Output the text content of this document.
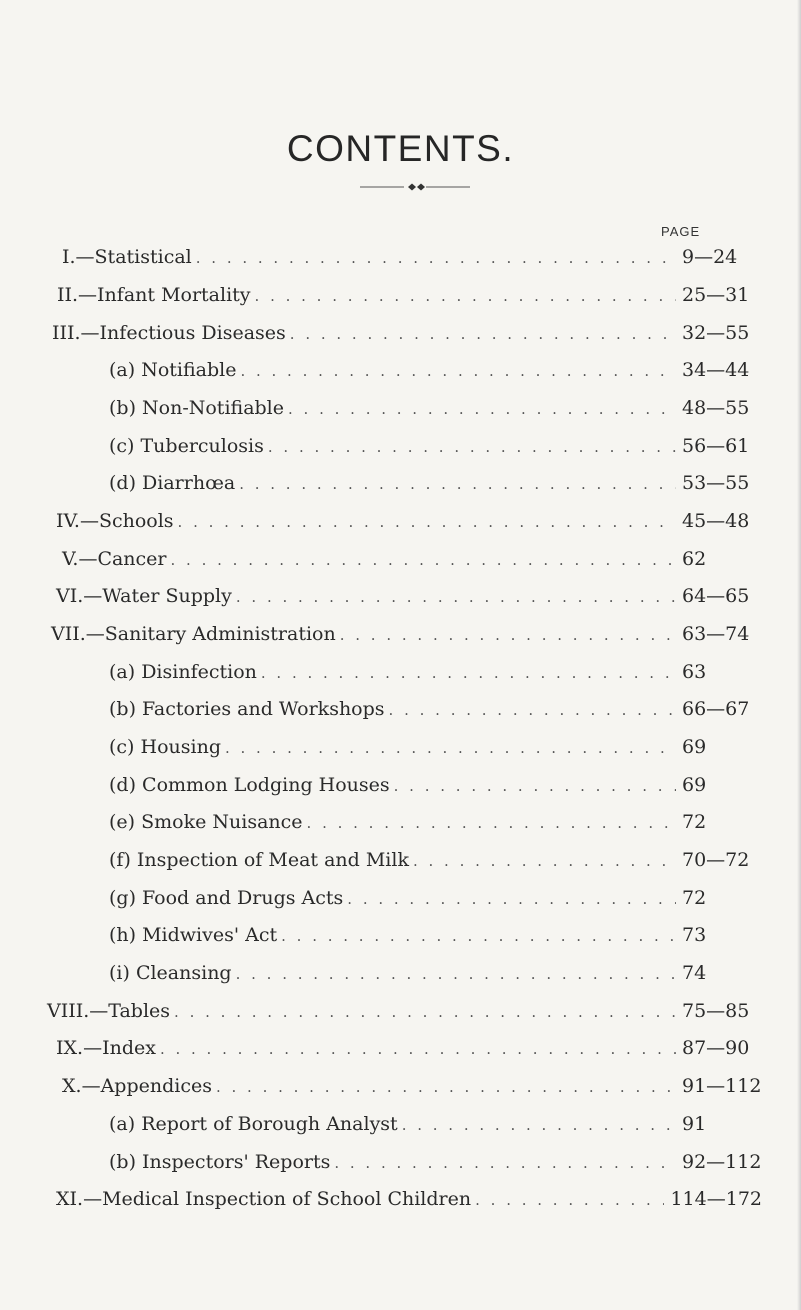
CONTENTS.
PAGE
I.—Statistical . . .	9—24
II.—Infant Mortality . . .	25—31
III.—Infectious Diseases . . .	32—55
(a) Notifiable . . .	34—44
(b) Non-Notifiable . . .	48—55
(c) Tuberculosis . . .	56—61
(d) Diarrhœa . . .	53—55
IV.—Schools . . .	45—48
V.—Cancer . . .	62
VI.—Water Supply . . .	64—65
VII.—Sanitary Administration . . .	63—74
(a) Disinfection . . .	63
(b) Factories and Workshops . . .	66—67
(c) Housing . . .	69
(d) Common Lodging Houses . . .	69
(e) Smoke Nuisance . . .	72
(f) Inspection of Meat and Milk . . .	70—72
(g) Food and Drugs Acts . . .	72
(h) Midwives' Act . . .	73
(i) Cleansing . . .	74
VIII.—Tables . . .	75—85
IX.—Index . . .	87—90
X.—Appendices . . .	91—112
(a) Report of Borough Analyst . . .	91
(b) Inspectors' Reports . . .	92—112
XI.—Medical Inspection of School Children . . .	114—172
